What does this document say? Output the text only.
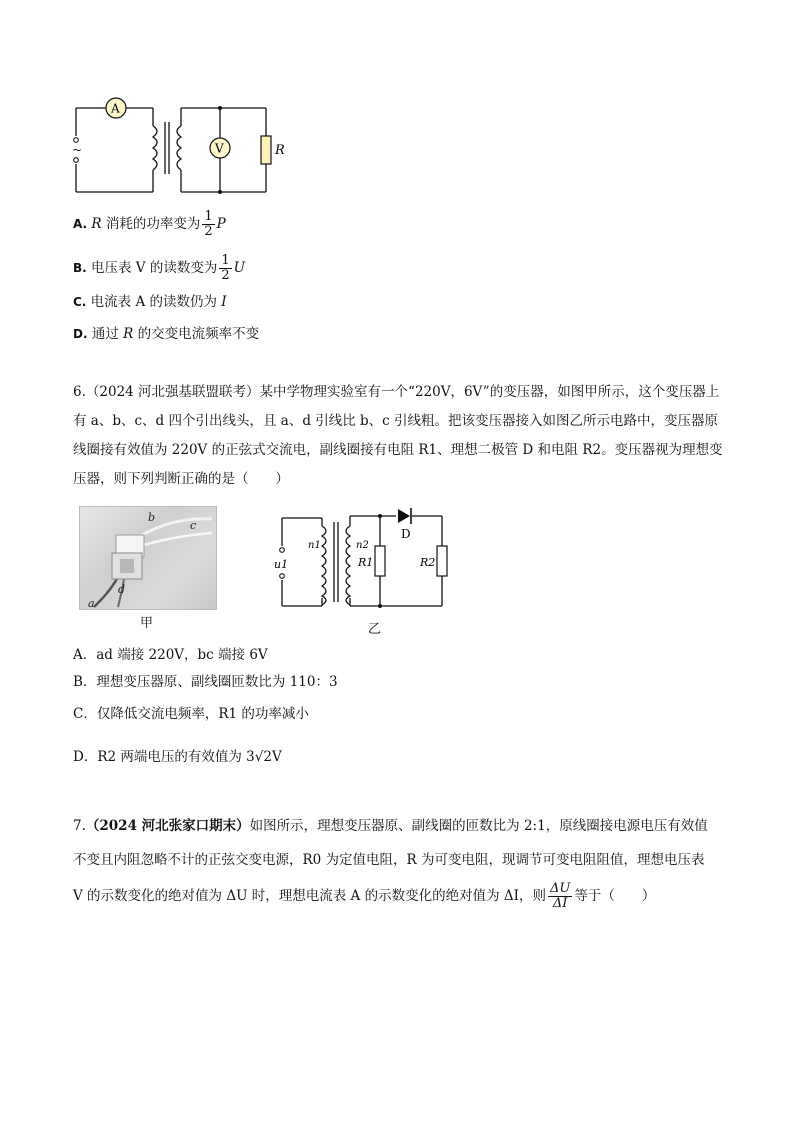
~
A
V	R
A. R 消耗的功率变为 $\frac{1}{2}$ P
B. 电压表 V 的读数变为 $\frac{1}{2}$ U
C. 电流表 A 的读数仍为 I
D. 通过 R 的交变电流频率不变
6.（2024 河北强基联盟联考）某中学物理实验室有一个“220V，6V”的变压器，如图甲所示，这个变压器上
有 a、b、c、d 四个引出线头，且 a、d 引线比 b、c 引线粗。把该变压器接入如图乙所示电路中，变压器原
线圈接有效值为 220V 的正弦式交流电，副线圈接有电阻 R1、理想二极管 D 和电阻 R2。变压器视为理想变
压器，则下列判断正确的是（　　）
b
c
d
a
甲
u1
n1	n2
R1	R2
D
乙
A．ad 端接 220V，bc 端接 6V
B．理想变压器原、副线圈匝数比为 110：3
C．仅降低交流电频率，R1 的功率减小
D．R2 两端电压的有效值为 3√2V
7.（2024 河北张家口期末）如图所示，理想变压器原、副线圈的匝数比为 2:1，原线圈接电源电压有效值
不变且内阻忽略不计的正弦交变电源，R0 为定值电阻，R 为可变电阻，现调节可变电阻阻值，理想电压表
V 的示数变化的绝对值为 ΔU 时，理想电流表 A 的示数变化的绝对值为 ΔI，则 $\frac{\Delta U}{\Delta I}$ 等于（　　）
